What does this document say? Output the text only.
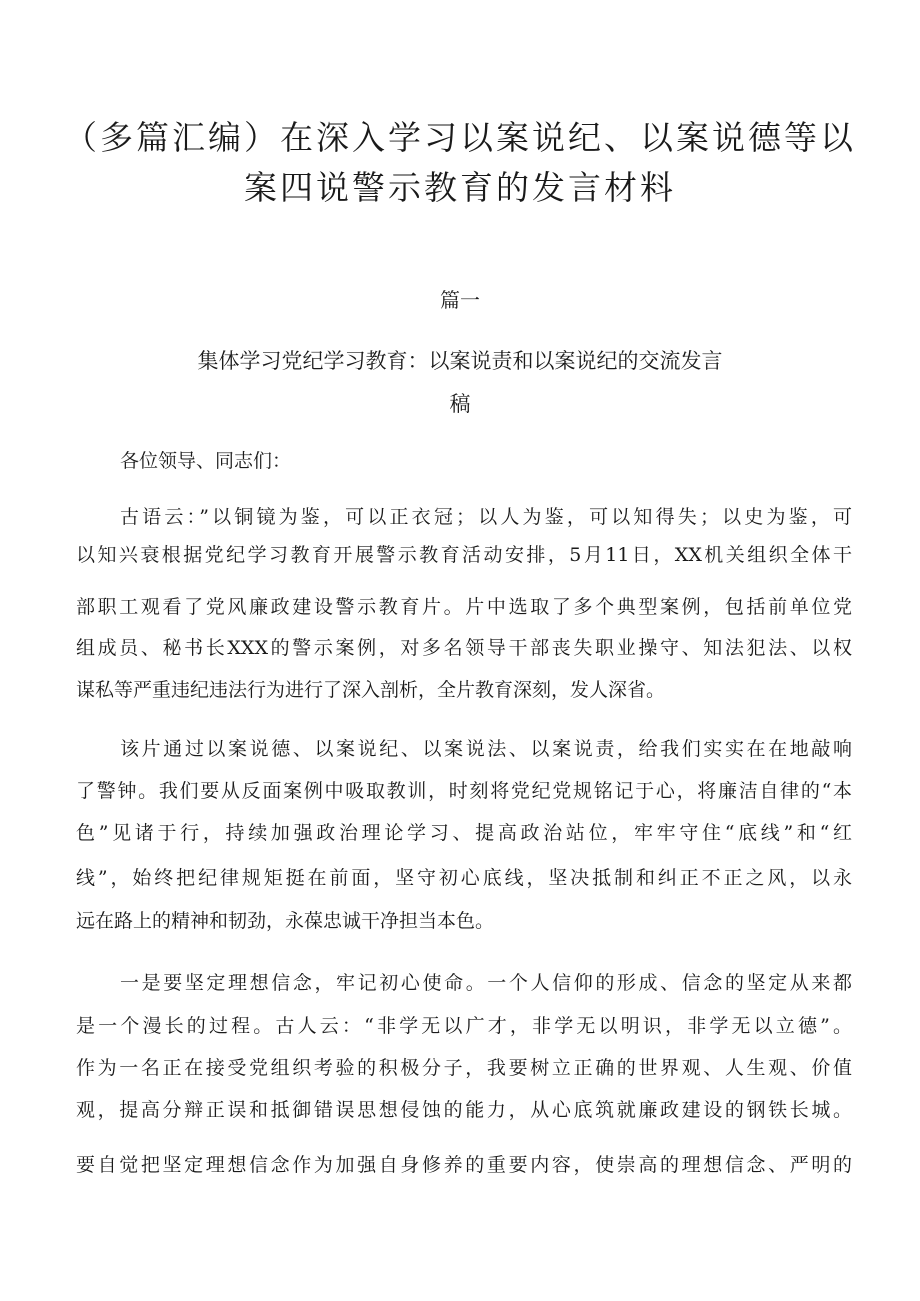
（多篇汇编）在深入学习以案说纪、以案说德等以
案四说警示教育的发言材料
篇一
集体学习党纪学习教育：以案说责和以案说纪的交流发言
稿
各位领导、同志们：
古语云：”以铜镜为鉴，可以正衣冠；以人为鉴，可以知得失；以史为鉴，可
以知兴衰根据党纪学习教育开展警示教育活动安排，5月11日，XX机关组织全体干
部职工观看了党风廉政建设警示教育片。片中选取了多个典型案例，包括前单位党
组成员、秘书长XXX的警示案例，对多名领导干部丧失职业操守、知法犯法、以权
谋私等严重违纪违法行为进行了深入剖析，全片教育深刻，发人深省。
该片通过以案说德、以案说纪、以案说法、以案说责，给我们实实在在地敲响
了警钟。我们要从反面案例中吸取教训，时刻将党纪党规铭记于心，将廉洁自律的“本
色”见诸于行，持续加强政治理论学习、提高政治站位，牢牢守住“底线”和“红
线”，始终把纪律规矩挺在前面，坚守初心底线，坚决抵制和纠正不正之风，以永
远在路上的精神和韧劲，永葆忠诚干净担当本色。
一是要坚定理想信念，牢记初心使命。一个人信仰的形成、信念的坚定从来都
是一个漫长的过程。古人云：“非学无以广才，非学无以明识，非学无以立德”。
作为一名正在接受党组织考验的积极分子，我要树立正确的世界观、人生观、价值
观，提高分辩正误和抵御错误思想侵蚀的能力，从心底筑就廉政建设的钢铁长城。
要自觉把坚定理想信念作为加强自身修养的重要内容，使崇高的理想信念、严明的
